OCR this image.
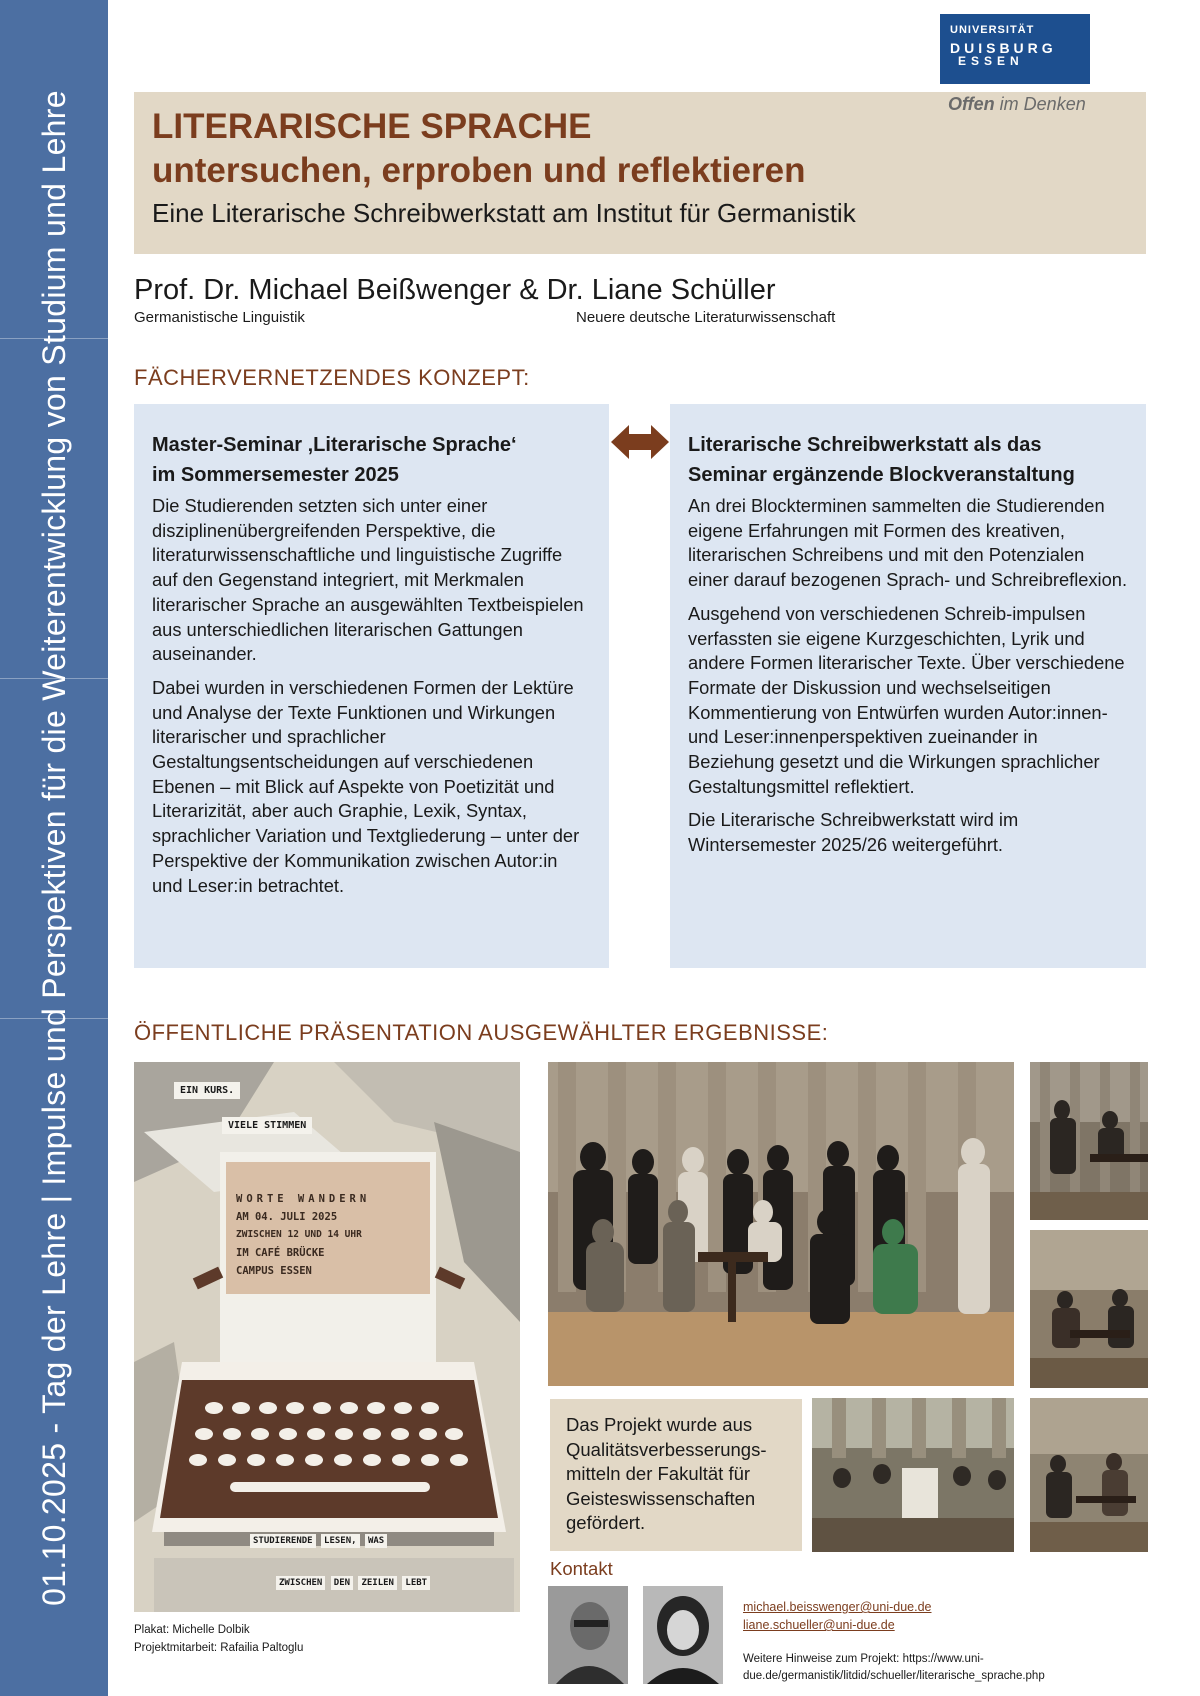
01.10.2025 - Tag der Lehre | Impulse und Perspektiven für die Weiterentwicklung von Studium und Lehre
UNIVERSITÄT
DUISBURG
ESSEN
LITERARISCHE SPRACHE
untersuchen, erproben und reflektieren
Eine Literarische Schreibwerkstatt am Institut für Germanistik
Offen im Denken
Prof. Dr. Michael Beißwenger & Dr. Liane Schüller
Germanistische Linguistik	Neuere deutsche Literaturwissenschaft
FÄCHERVERNETZENDES KONZEPT:
Master-Seminar ‚Literarische Sprache‘
im Sommersemester 2025

Die Studierenden setzten sich unter einer disziplinenübergreifenden Perspektive, die literaturwissenschaftliche und linguistische Zugriffe auf den Gegenstand integriert, mit Merkmalen literarischer Sprache an ausgewählten Textbeispielen aus unterschiedlichen literarischen Gattungen auseinander.

Dabei wurden in verschiedenen Formen der Lektüre und Analyse der Texte Funktionen und Wirkungen literarischer und sprachlicher Gestaltungsentscheidungen auf verschiedenen Ebenen – mit Blick auf Aspekte von Poetizität und Literarizität, aber auch Graphie, Lexik, Syntax, sprachlicher Variation und Textgliederung – unter der Perspektive der Kommunikation zwischen Autor:in und Leser:in betrachtet.

Literarische Schreibwerkstatt als das
Seminar ergänzende Blockveranstaltung

An drei Blockterminen sammelten die Studierenden eigene Erfahrungen mit Formen des kreativen, literarischen Schreibens und mit den Potenzialen einer darauf bezogenen Sprach- und Schreibreflexion.

Ausgehend von verschiedenen Schreib-impulsen verfassten sie eigene Kurzgeschichten, Lyrik und andere Formen literarischer Texte. Über verschiedene Formate der Diskussion und wechselseitigen Kommentierung von Entwürfen wurden Autor:innen- und Leser:innenperspektiven zueinander in Beziehung gesetzt und die Wirkungen sprachlicher Gestaltungsmittel reflektiert.

Die Literarische Schreibwerkstatt wird im Wintersemester 2025/26 weitergeführt.

ÖFFENTLICHE PRÄSENTATION AUSGEWÄHLTER ERGEBNISSE:
EIN KURS.
VIELE STIMMEN
WORTE WANDERN
AM 04. JULI 2025
ZWISCHEN 12 UND 14 UHR
IM CAFÉ BRÜCKE
CAMPUS ESSEN
STUDIERENDE LESEN, WAS
ZWISCHEN DEN ZEILEN LEBT
Plakat: Michelle Dolbik
Projektmitarbeit: Rafailia Paltoglu
Das Projekt wurde aus Qualitätsverbesserungs-mitteln der Fakultät für Geisteswissenschaften gefördert.
Kontakt
michael.beisswenger@uni-due.de
liane.schueller@uni-due.de
Weitere Hinweise zum Projekt: https://www.uni-due.de/germanistik/litdid/schueller/literarische_sprache.php
